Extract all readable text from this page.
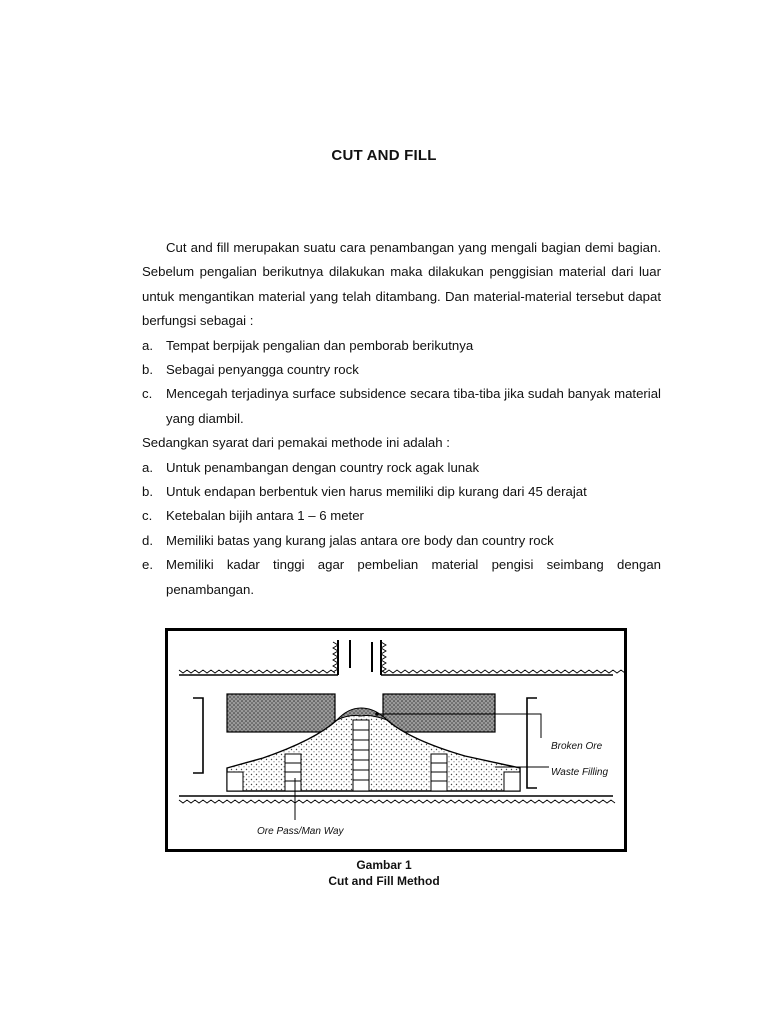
CUT AND FILL

Cut and fill merupakan suatu cara penambangan yang mengali bagian demi bagian. Sebelum pengalian berikutnya dilakukan maka dilakukan penggisian material dari luar untuk mengantikan material yang telah ditambang. Dan material-material tersebut dapat berfungsi sebagai :

a. Tempat berpijak pengalian dan pemborab berikutnya
b. Sebagai penyangga country rock
c. Mencegah terjadinya surface subsidence secara tiba-tiba jika sudah banyak material yang diambil.

Sedangkan syarat dari pemakai methode ini adalah :

a. Untuk penambangan dengan country rock agak lunak
b. Untuk endapan berbentuk vien harus memiliki dip kurang dari 45 derajat
c. Ketebalan bijih antara 1 – 6 meter
d. Memiliki batas yang kurang jalas antara ore body dan country rock
e. Memiliki kadar tinggi agar pembelian material pengisi seimbang dengan penambangan.
Broken Ore
Waste Filling
Ore Pass/Man Way
Gambar 1
Cut and Fill Method
